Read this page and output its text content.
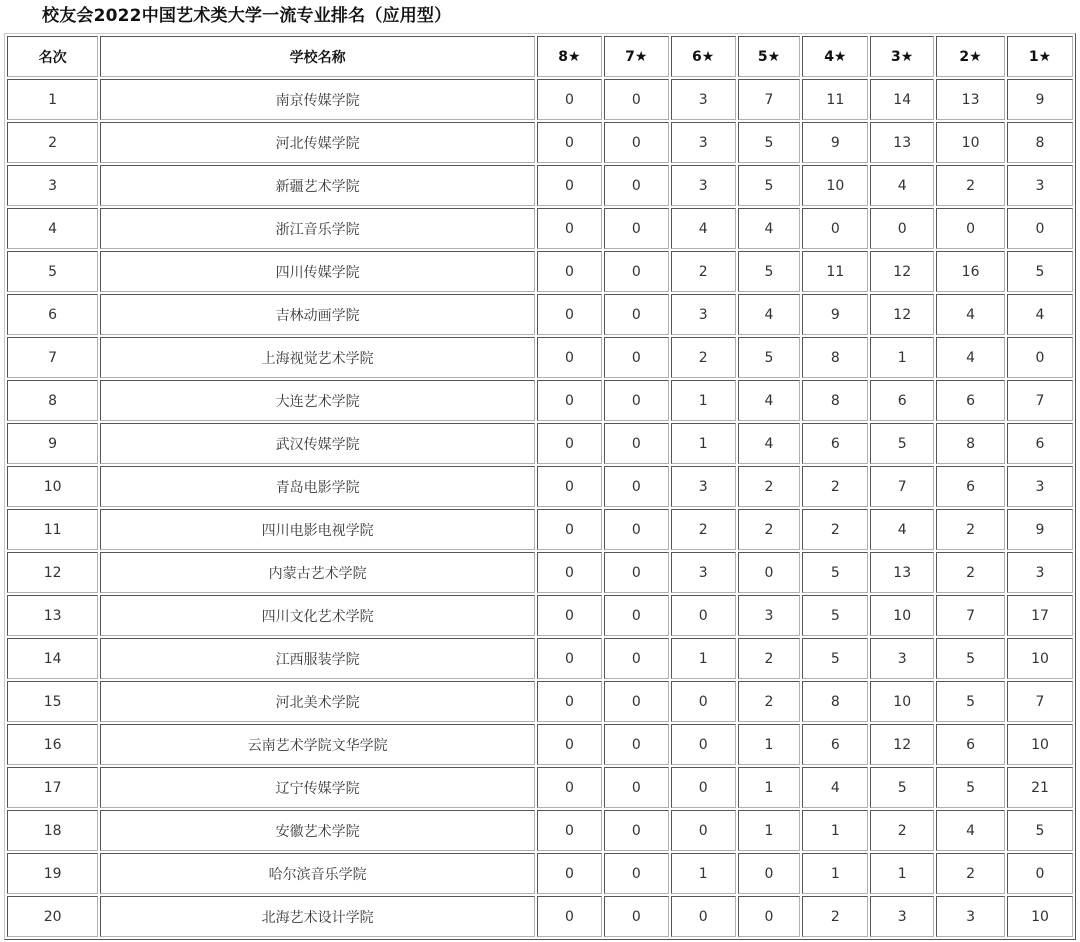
校友会2022中国艺术类大学一流专业排名（应用型）
名次	学校名称	8★	7★	6★	5★	4★	3★	2★	1★
1	南京传媒学院	0	0	3	7	11	14	13	9
2	河北传媒学院	0	0	3	5	9	13	10	8
3	新疆艺术学院	0	0	3	5	10	4	2	3
4	浙江音乐学院	0	0	4	4	0	0	0	0
5	四川传媒学院	0	0	2	5	11	12	16	5
6	吉林动画学院	0	0	3	4	9	12	4	4
7	上海视觉艺术学院	0	0	2	5	8	1	4	0
8	大连艺术学院	0	0	1	4	8	6	6	7
9	武汉传媒学院	0	0	1	4	6	5	8	6
10	青岛电影学院	0	0	3	2	2	7	6	3
11	四川电影电视学院	0	0	2	2	2	4	2	9
12	内蒙古艺术学院	0	0	3	0	5	13	2	3
13	四川文化艺术学院	0	0	0	3	5	10	7	17
14	江西服装学院	0	0	1	2	5	3	5	10
15	河北美术学院	0	0	0	2	8	10	5	7
16	云南艺术学院文华学院	0	0	0	1	6	12	6	10
17	辽宁传媒学院	0	0	0	1	4	5	5	21
18	安徽艺术学院	0	0	0	1	1	2	4	5
19	哈尔滨音乐学院	0	0	1	0	1	1	2	0
20	北海艺术设计学院	0	0	0	0	2	3	3	10
